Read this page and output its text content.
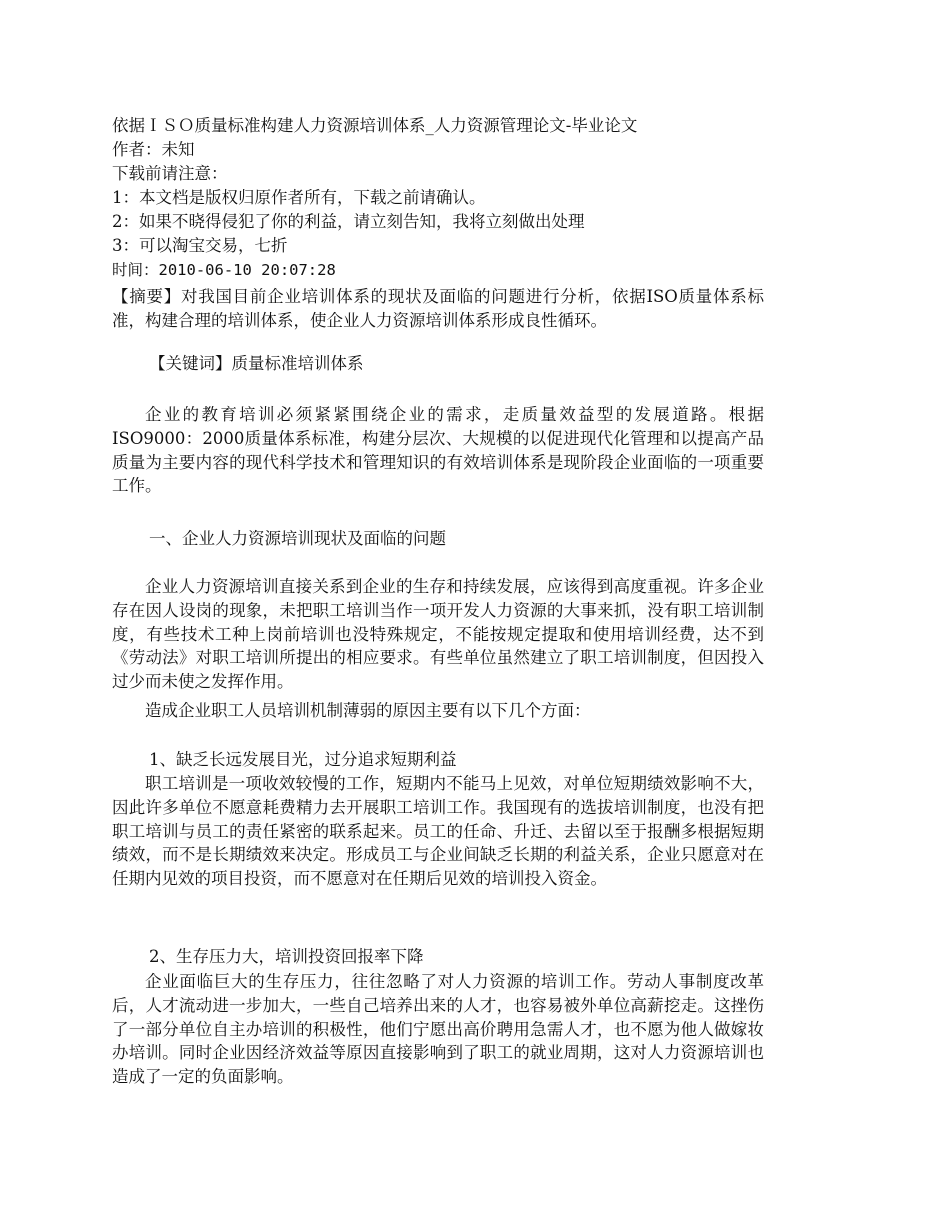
依据ＩＳＯ质量标准构建人力资源培训体系_人力资源管理论文-毕业论文
作者：未知
下载前请注意：
1：本文档是版权归原作者所有，下载之前请确认。
2：如果不晓得侵犯了你的利益，请立刻告知，我将立刻做出处理
3：可以淘宝交易，七折
时间：2010-06-10 20:07:28
【摘要】对我国目前企业培训体系的现状及面临的问题进行分析，依据ISO质量体系标准，构建合理的培训体系，使企业人力资源培训体系形成良性循环。
【关键词】质量标准培训体系
企业的教育培训必须紧紧围绕企业的需求，走质量效益型的发展道路。根据ISO9000：2000质量体系标准，构建分层次、大规模的以促进现代化管理和以提高产品质量为主要内容的现代科学技术和管理知识的有效培训体系是现阶段企业面临的一项重要工作。
一、企业人力资源培训现状及面临的问题
企业人力资源培训直接关系到企业的生存和持续发展，应该得到高度重视。许多企业存在因人设岗的现象，未把职工培训当作一项开发人力资源的大事来抓，没有职工培训制度，有些技术工种上岗前培训也没特殊规定，不能按规定提取和使用培训经费，达不到《劳动法》对职工培训所提出的相应要求。有些单位虽然建立了职工培训制度，但因投入过少而未使之发挥作用。
造成企业职工人员培训机制薄弱的原因主要有以下几个方面：
1、缺乏长远发展目光，过分追求短期利益
职工培训是一项收效较慢的工作，短期内不能马上见效，对单位短期绩效影响不大，因此许多单位不愿意耗费精力去开展职工培训工作。我国现有的选拔培训制度，也没有把职工培训与员工的责任紧密的联系起来。员工的任命、升迁、去留以至于报酬多根据短期绩效，而不是长期绩效来决定。形成员工与企业间缺乏长期的利益关系，企业只愿意对在任期内见效的项目投资，而不愿意对在任期后见效的培训投入资金。
2、生存压力大，培训投资回报率下降
企业面临巨大的生存压力，往往忽略了对人力资源的培训工作。劳动人事制度改革后，人才流动进一步加大，一些自己培养出来的人才，也容易被外单位高薪挖走。这挫伤了一部分单位自主办培训的积极性，他们宁愿出高价聘用急需人才，也不愿为他人做嫁妆办培训。同时企业因经济效益等原因直接影响到了职工的就业周期，这对人力资源培训也造成了一定的负面影响。
